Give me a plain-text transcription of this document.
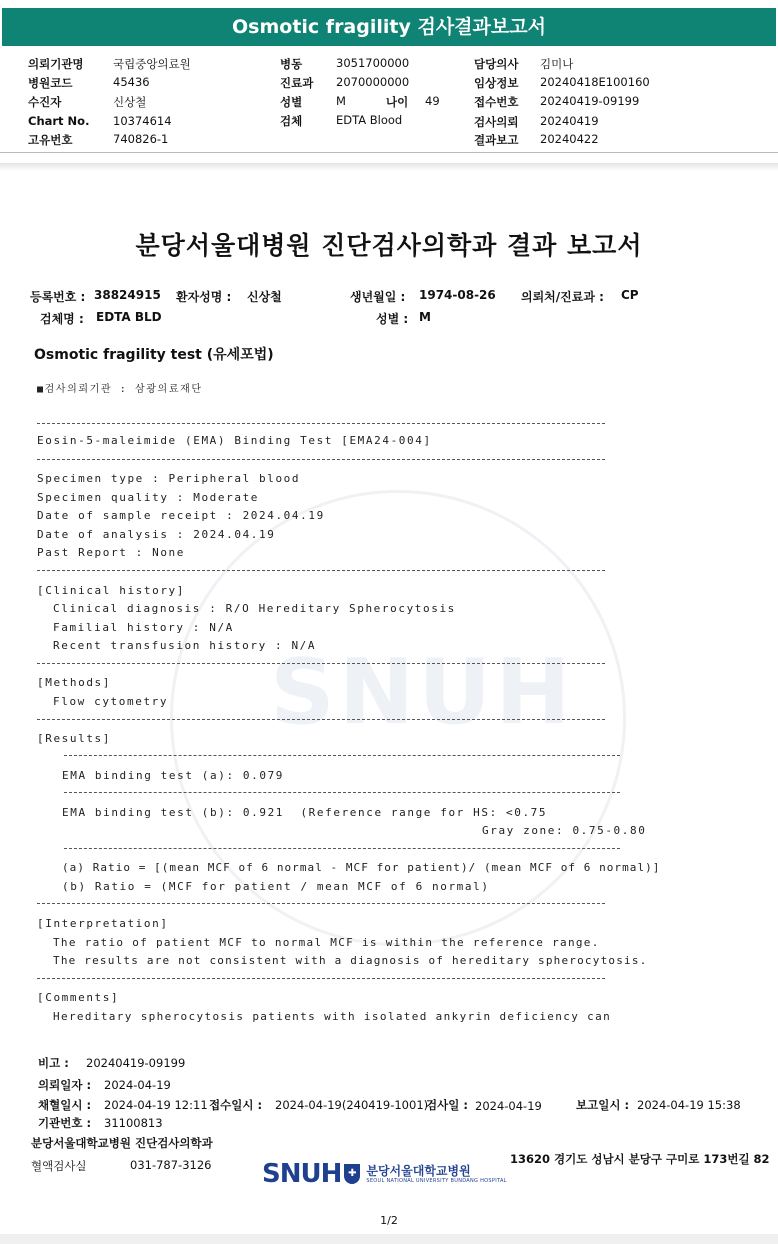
Osmotic fragility 검사결과보고서
의뢰기관명	국립중앙의료원
병원코드	45436
수진자	신상철
Chart No. 10374614
고유번호	740826-1
병동	3051700000
진료과 2070000000
성별	M	나이 49
검체	EDTA Blood
담당의사 김미나
임상정보 20240418E100160
접수번호 20240419-09199
검사의뢰 20240419
결과보고 20240422
SNUH
분당서울대병원 진단검사의학과 결과 보고서
등록번호 : 38824915 환자성명 : 신상철	생년월일 : 1974-08-26 의뢰처/진료과 : CP
검체명 : EDTA BLD	성별 : M
Osmotic fragility test (유세포법)
■검사의뢰기관 : 삼광의료재단
Eosin-5-maleimide (EMA) Binding Test [EMA24-004]
Specimen type : Peripheral blood
Specimen quality : Moderate
Date of sample receipt : 2024.04.19
Date of analysis : 2024.04.19
Past Report : None
[Clinical history]
Clinical diagnosis : R/O Hereditary Spherocytosis
Familial history : N/A
Recent transfusion history : N/A
[Methods]
Flow cytometry
[Results]
EMA binding test (a): 0.079
EMA binding test (b): 0.921  (Reference range for HS: <0.75
Gray zone: 0.75-0.80
(a) Ratio = [(mean MCF of 6 normal - MCF for patient)/ (mean MCF of 6 normal)]
(b) Ratio = (MCF for patient / mean MCF of 6 normal)
[Interpretation]
The ratio of patient MCF to normal MCF is within the reference range.
The results are not consistent with a diagnosis of hereditary spherocytosis.
[Comments]
Hereditary spherocytosis patients with isolated ankyrin deficiency can
비고 : 20240419-09199
의뢰일자 : 2024-04-19
채혈일시 : 2024-04-19 12:11 접수일시 : 2024-04-19(240419-1001)
검사일 : 2024-04-19	보고일시 : 2024-04-19 15:38
기관번호 : 31100813
분당서울대학교병원 진단검사의학과
혈액검사실	031-787-3126	13620 경기도 성남시 분당구 구미로 173번길 82
SNUH ✚ 분당서울대학교병원
SEOUL NATIONAL UNIVERSITY BUNDANG HOSPITAL
1/2
